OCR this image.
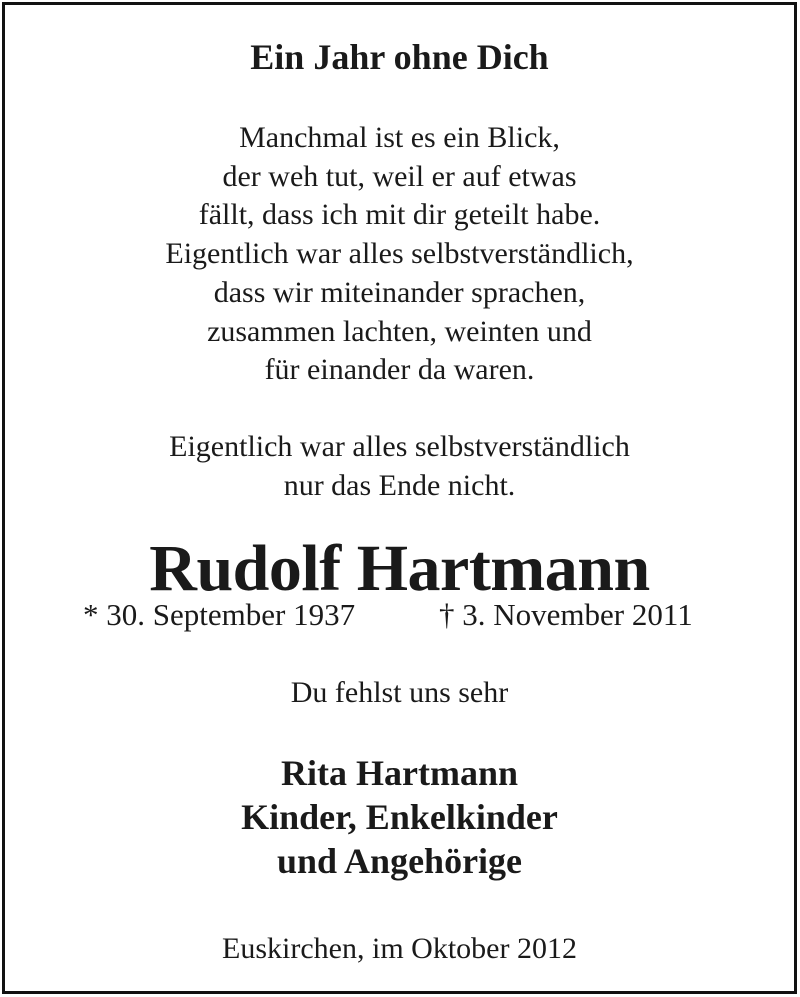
Ein Jahr ohne Dich
Manchmal ist es ein Blick,
der weh tut, weil er auf etwas
fällt, dass ich mit dir geteilt habe.
Eigentlich war alles selbstverständlich,
dass wir miteinander sprachen,
zusammen lachten, weinten und
für einander da waren.
Eigentlich war alles selbstverständlich
nur das Ende nicht.
Rudolf Hartmann
* 30. September 1937	† 3. November 2011
Du fehlst uns sehr
Rita Hartmann
Kinder, Enkelkinder
und Angehörige
Euskirchen, im Oktober 2012
